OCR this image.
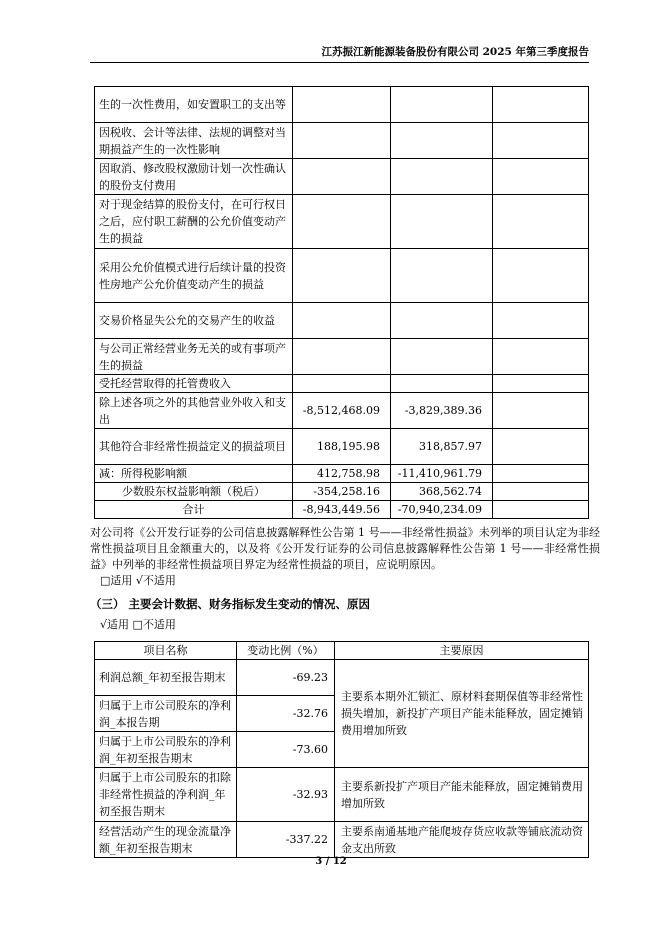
江苏振江新能源装备股份有限公司 2025 年第三季度报告
生的一次性费用，如安置职工的支出等			
因税收、会计等法律、法规的调整对当期损益产生的一次性影响			
因取消、修改股权激励计划一次性确认的股份支付费用			
对于现金结算的股份支付，在可行权日之后，应付职工薪酬的公允价值变动产生的损益			
采用公允价值模式进行后续计量的投资性房地产公允价值变动产生的损益			
交易价格显失公允的交易产生的收益			
与公司正常经营业务无关的或有事项产生的损益			
受托经营取得的托管费收入			
除上述各项之外的其他营业外收入和支出	-8,512,468.09	-3,829,389.36	
其他符合非经常性损益定义的损益项目	188,195.98	318,857.97	
减：所得税影响额	412,758.98	-11,410,961.79	
少数股东权益影响额（税后）	-354,258.16	368,562.74	
合计	-8,943,449.56	-70,940,234.09	
对公司将《公开发行证券的公司信息披露解释性公告第 1 号——非经常性损益》未列举的项目认定为非经常性损益项目且金额重大的，以及将《公开发行证券的公司信息披露解释性公告第 1 号——非经常性损益》中列举的非经常性损益项目界定为经常性损益的项目，应说明原因。
□适用 √不适用
（三） 主要会计数据、财务指标发生变动的情况、原因
√适用 □不适用
项目名称	变动比例（%）	主要原因
利润总额_年初至报告期末	-69.23	主要系本期外汇锁汇、原材料套期保值等非经常性损失增加，新投扩产项目产能未能释放，固定摊销费用增加所致
归属于上市公司股东的净利润_本报告期	-32.76	
归属于上市公司股东的净利润_年初至报告期末	-73.60	
归属于上市公司股东的扣除非经常性损益的净利润_年初至报告期末	-32.93	主要系新投扩产项目产能未能释放，固定摊销费用增加所致
经营活动产生的现金流量净额_年初至报告期末	-337.22	主要系南通基地产能爬坡存货应收款等铺底流动资金支出所致
3 / 12
